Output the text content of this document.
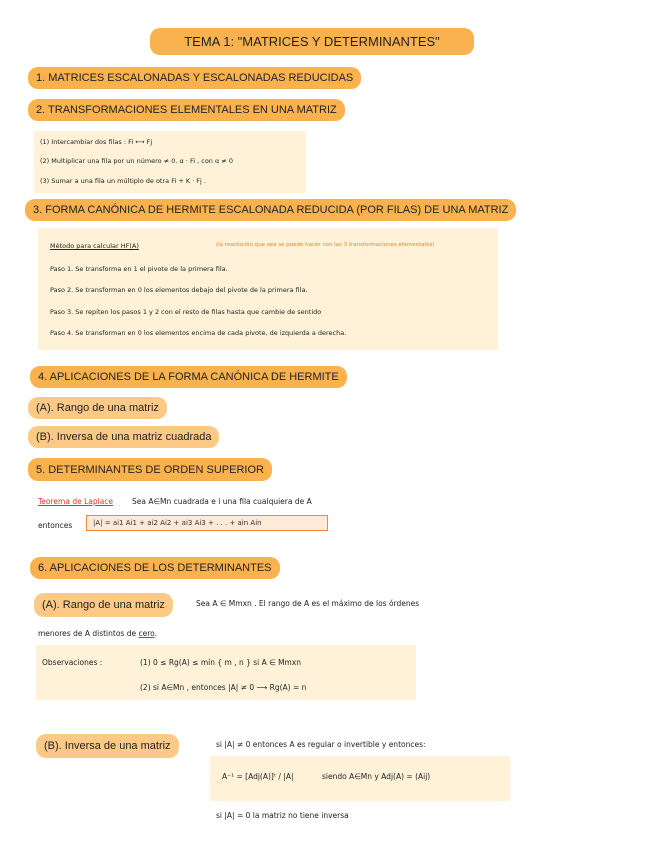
TEMA 1: "MATRICES Y DETERMINANTES"
1. MATRICES ESCALONADAS Y ESCALONADAS REDUCIDAS
2. TRANSFORMACIONES ELEMENTALES EN UNA MATRIZ
(1) Intercambiar dos filas : Fi ⟷ Fj
(2) Multiplicar una fila por un número ≠ 0. α · Fi , con α ≠ 0
(3) Sumar a una fila un múltiplo de otra Fi + K · Fj .
3. FORMA CANÓNICA DE HERMITE ESCALONADA REDUCIDA (POR FILAS) DE UNA MATRIZ
Método para calcular HF(A)	(la resolución que sea se puede hacer con las 3 transformaciones elementales)
Paso 1. Se transforma en 1 el pivote de la primera fila.
Paso 2. Se transforman en 0 los elementos debajo del pivote de la primera fila.
Paso 3. Se repiten los pasos 1 y 2 con el resto de filas hasta que cambie de sentido
Paso 4. Se transforman en 0 los elementos encima de cada pivote, de izquierda a derecha.
4. APLICACIONES DE LA FORMA CANÓNICA DE HERMITE
(A). Rango de una matriz
(B). Inversa de una matriz cuadrada
5. DETERMINANTES DE ORDEN SUPERIOR
Teorema de Laplace	Sea A∈Mn cuadrada e i una fila cualquiera de A
entonces	|A| = ai1 Ai1 + ai2 Ai2 + ai3 Ai3 + . . . + ain Ain
6. APLICACIONES DE LOS DETERMINANTES
(A). Rango de una matriz	Sea A ∈ Mmxn . El rango de A es el máximo de los órdenes
menores de A distintos de cero.
Observaciones :	(1) 0 ≤ Rg(A) ≤ mín { m , n } si A ∈ Mmxn
(2) si A∈Mn , entonces |A| ≠ 0 ⟶ Rg(A) = n
(B). Inversa de una matriz	si |A| ≠ 0 entonces A es regular o invertible y entonces:
A⁻¹ = [Adj(A)]ᵗ / |A|	siendo A∈Mn y Adj(A) = (Aij)
si |A| = 0 la matriz no tiene inversa
